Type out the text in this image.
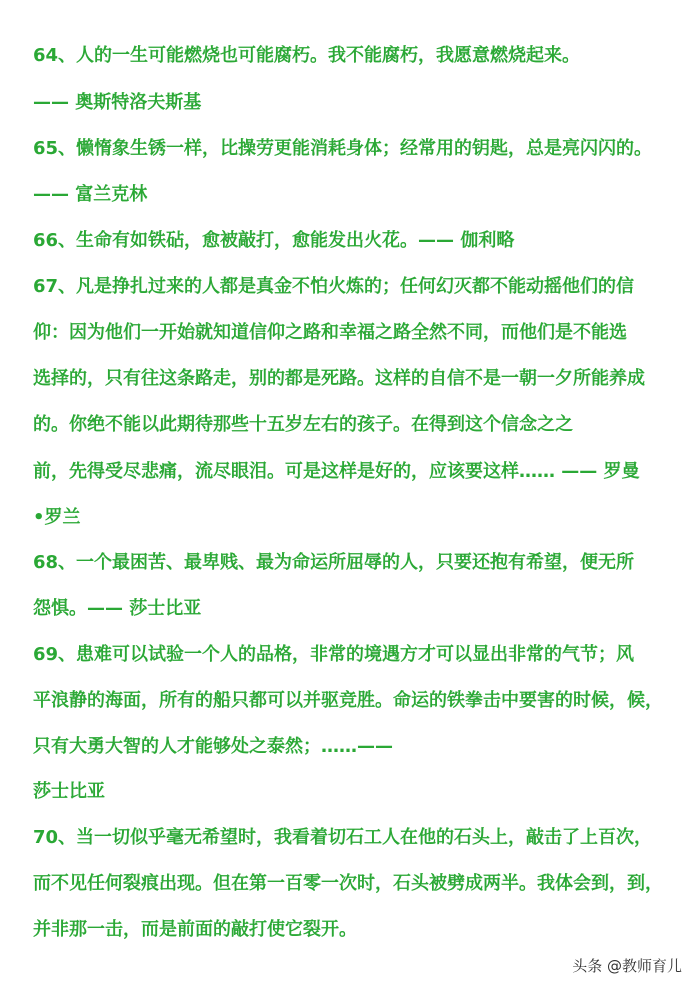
64、人的一生可能燃烧也可能腐朽。我不能腐朽，我愿意燃烧起来。
—— 奥斯特洛夫斯基
65、懒惰象生锈一样，比操劳更能消耗身体；经常用的钥匙，总是亮闪闪的。
—— 富兰克林
66、生命有如铁砧，愈被敲打，愈能发出火花。—— 伽利略
67、凡是挣扎过来的人都是真金不怕火炼的；任何幻灭都不能动摇他们的信
仰：因为他们一开始就知道信仰之路和幸福之路全然不同，而他们是不能选
选择的，只有往这条路走，别的都是死路。这样的自信不是一朝一夕所能养成
的。你绝不能以此期待那些十五岁左右的孩子。在得到这个信念之之
前，先得受尽悲痛，流尽眼泪。可是这样是好的，应该要这样…… —— 罗曼
•罗兰
68、一个最困苦、最卑贱、最为命运所屈辱的人，只要还抱有希望，便无所
怨惧。—— 莎士比亚
69、患难可以试验一个人的品格，非常的境遇方才可以显出非常的气节；风
平浪静的海面，所有的船只都可以并驱竞胜。命运的铁拳击中要害的时候，候，
只有大勇大智的人才能够处之泰然；……——
莎士比亚
70、当一切似乎毫无希望时，我看着切石工人在他的石头上，敲击了上百次，
而不见任何裂痕出现。但在第一百零一次时，石头被劈成两半。我体会到，到，
并非那一击，而是前面的敲打使它裂开。
头条 @教师育儿
